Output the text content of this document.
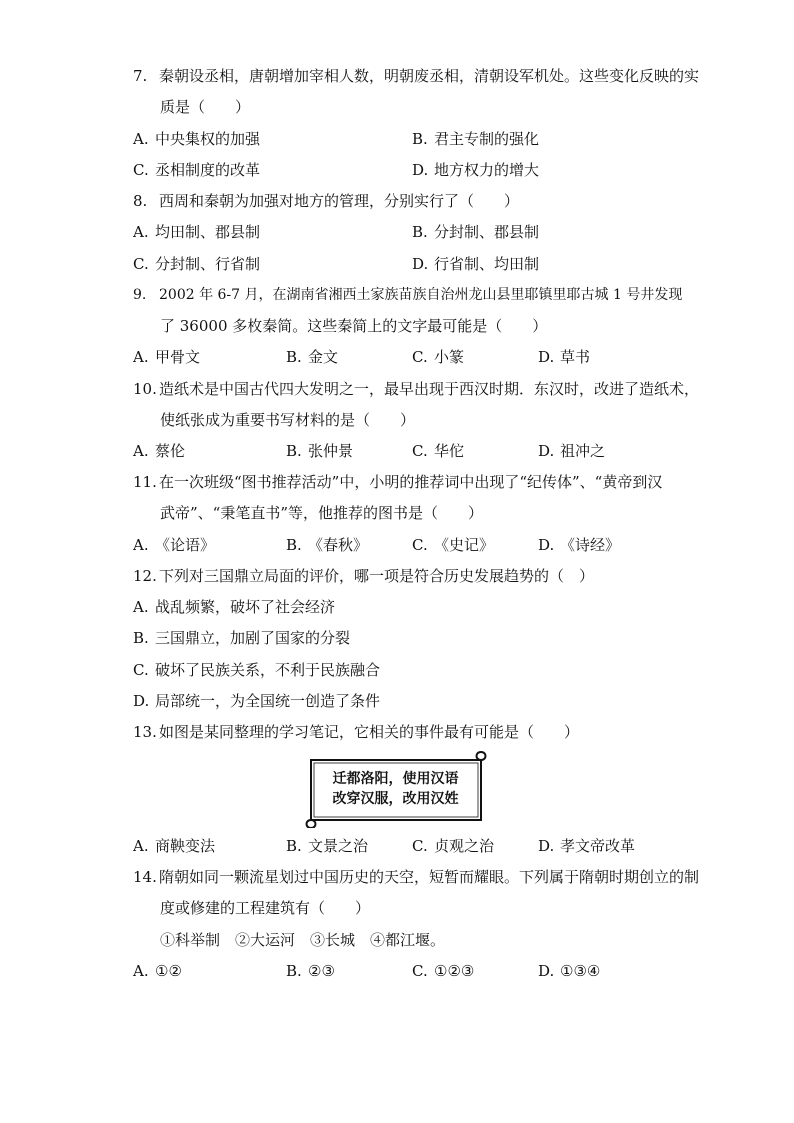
7. 秦朝设丞相，唐朝增加宰相人数，明朝废丞相，清朝设军机处。这些变化反映的实
质是（　　）
A. 中央集权的加强	B. 君主专制的强化
C. 丞相制度的改革	D. 地方权力的增大
8. 西周和秦朝为加强对地方的管理，分别实行了（　　）
A. 均田制、郡县制	B. 分封制、郡县制
C. 分封制、行省制	D. 行省制、均田制
9. 2002 年 6-7 月，在湖南省湘西土家族苗族自治州龙山县里耶镇里耶古城 1 号井发现
了 36000 多枚秦简。这些秦简上的文字最可能是（　　）
A. 甲骨文	B. 金文	C. 小篆	D. 草书
10. 造纸术是中国古代四大发明之一，最早出现于西汉时期．东汉时，改进了造纸术，
使纸张成为重要书写材料的是（　　）
A. 蔡伦	B. 张仲景	C. 华佗	D. 祖冲之
11. 在一次班级“图书推荐活动”中，小明的推荐词中出现了“纪传体”、“黄帝到汉
武帝”、“秉笔直书”等，他推荐的图书是（　　）
A. 《论语》	B. 《春秋》	C. 《史记》	D. 《诗经》
12. 下列对三国鼎立局面的评价，哪一项是符合历史发展趋势的（　）
A. 战乱频繁，破坏了社会经济
B. 三国鼎立，加剧了国家的分裂
C. 破坏了民族关系，不利于民族融合
D. 局部统一，为全国统一创造了条件
13. 如图是某同整理的学习笔记，它相关的事件最有可能是（　　）
迁都洛阳，使用汉语
改穿汉服，改用汉姓
A. 商鞅变法	B. 文景之治	C. 贞观之治	D. 孝文帝改革
14. 隋朝如同一颗流星划过中国历史的天空，短暂而耀眼。下列属于隋朝时期创立的制
度或修建的工程建筑有（　　）
①科举制　②大运河　③长城　④都江堰。
A. ①②	B. ②③	C. ①②③	D. ①③④
